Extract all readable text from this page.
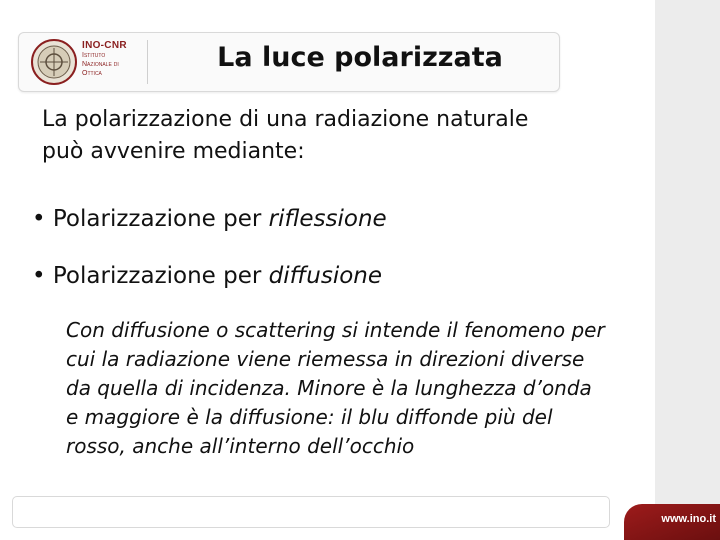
INO-CNR
Istituto
Nazionale di
Ottica
La luce polarizzata
La polarizzazione di una radiazione naturale
può avvenire mediante:
• Polarizzazione per riflessione
• Polarizzazione per diffusione
Con diffusione o scattering si intende il fenomeno per
cui la radiazione viene riemessa in direzioni diverse
da quella di incidenza. Minore è la lunghezza d’onda
e maggiore è la diffusione: il blu diffonde più del
rosso, anche all’interno dell’occhio
www.ino.it
